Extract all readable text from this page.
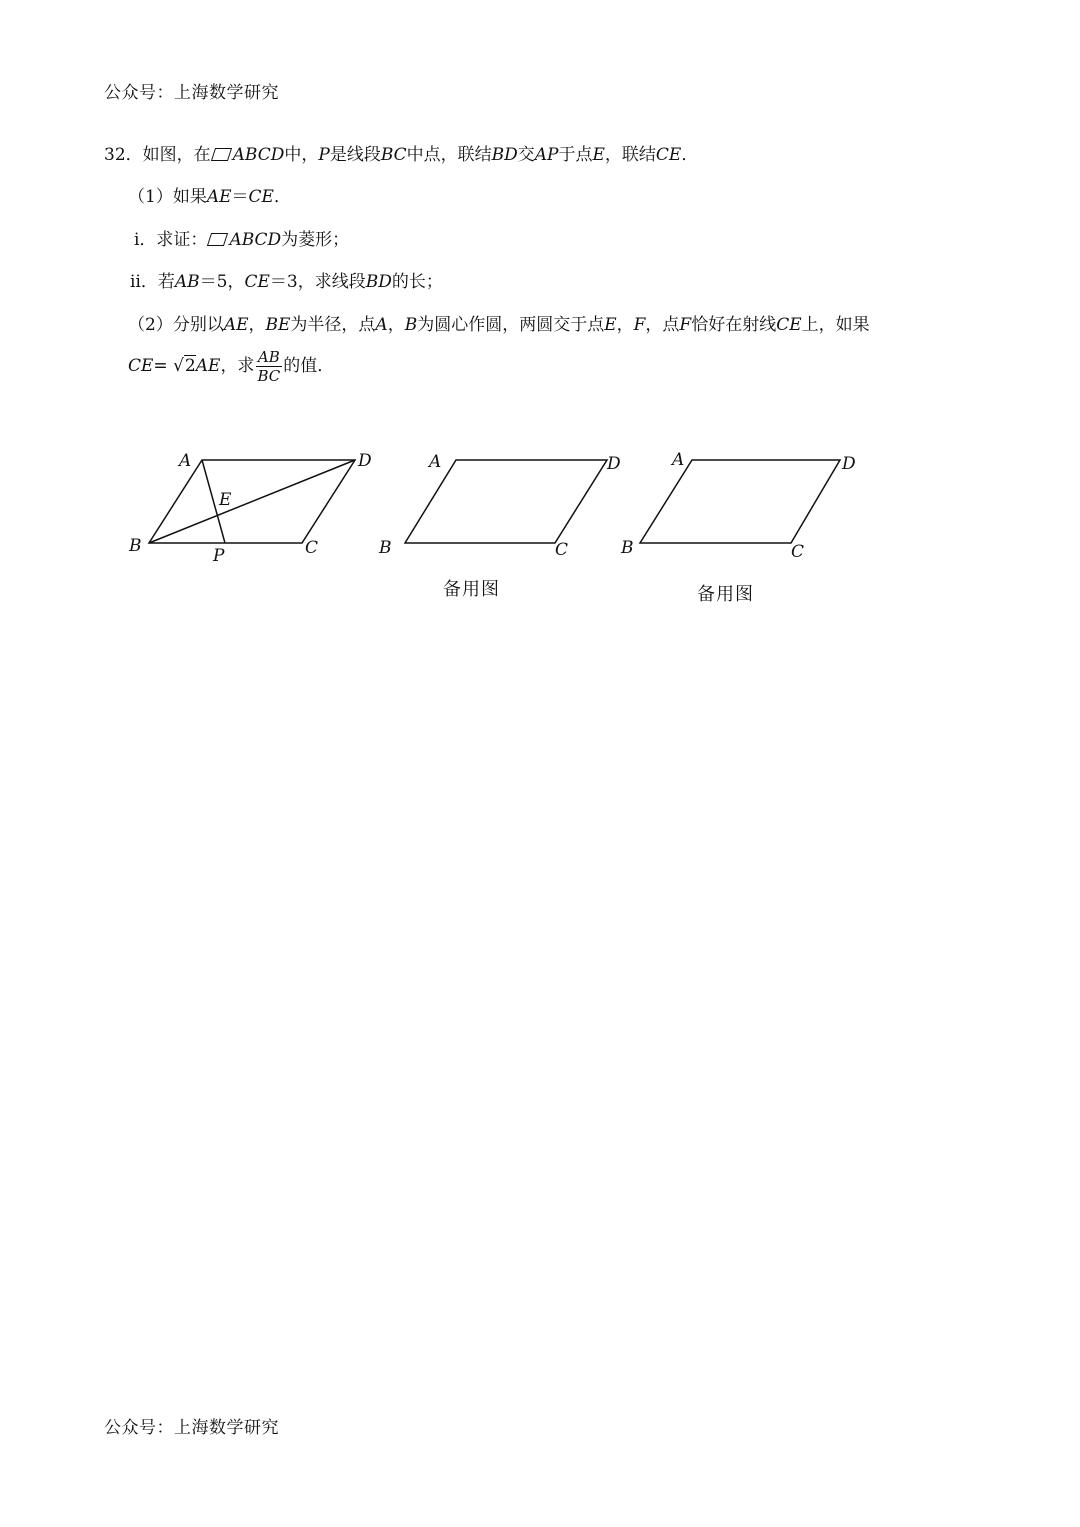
公众号：上海数学研究
32．如图，在 ABCD中，P是线段BC中点，联结BD交AP于点E，联结CE．
（1）如果AE＝CE．
ⅰ．求证： ABCD为菱形；
ⅱ．若AB＝5，CE＝3，求线段BD的长；
（2）分别以AE，BE为半径，点A，B为圆心作圆，两圆交于点E，F，点F恰好在射线CE上，如果
CE= √2AE，求 $\frac{AB}{BC}$ 的值．
A	D
E
B	P	C
A	D
B	C
备用图
A	D
B	C
备用图
公众号：上海数学研究
